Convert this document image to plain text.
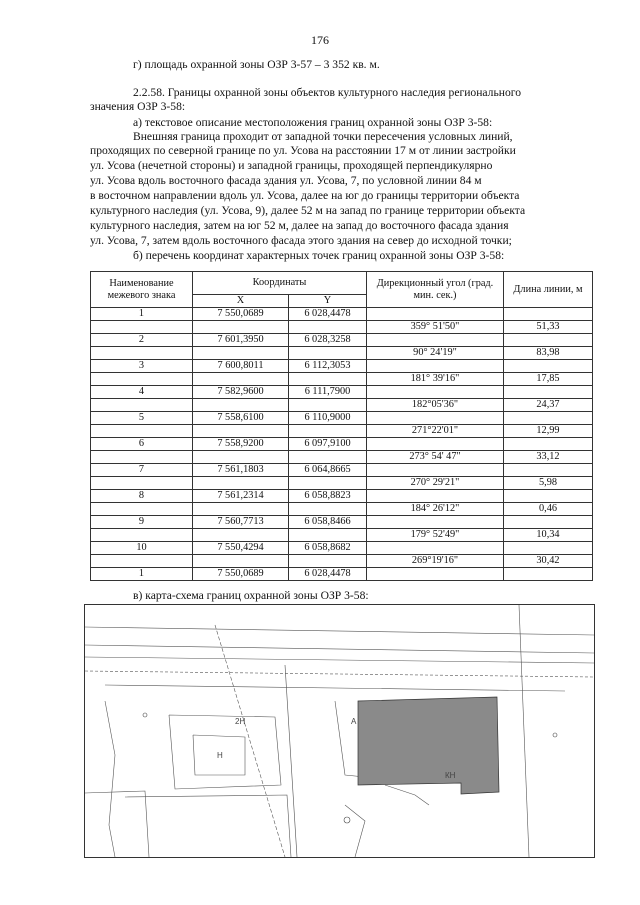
176
г) площадь охранной зоны ОЗР 3-57 – 3 352 кв. м.
2.2.58. Границы охранной зоны объектов культурного наследия регионального
значения ОЗР 3-58:
а) текстовое описание местоположения границ охранной зоны ОЗР 3-58:
Внешняя граница проходит от западной точки пересечения условных линий,
проходящих по северной границе по ул. Усова на расстоянии 17 м от линии застройки
ул. Усова (нечетной стороны) и западной границы, проходящей перпендикулярно
ул. Усова вдоль восточного фасада здания ул. Усова, 7, по условной линии 84 м
в восточном направлении вдоль ул. Усова, далее на юг до границы территории объекта
культурного наследия (ул. Усова, 9), далее 52 м на запад по границе территории объекта
культурного наследия, затем на юг 52 м, далее на запад до восточного фасада здания
ул. Усова, 7, затем вдоль восточного фасада этого здания на север до исходной точки;
б) перечень координат характерных точек границ охранной зоны ОЗР 3-58:
Наименование межевого знака	Координаты		Дирекционный угол (град. мин. сек.)	Длина линии, м
	X	Y		
1	7 550,0689	6 028,4478		
			359° 51'50"	51,33
2	7 601,3950	6 028,3258		
			90° 24'19"	83,98
3	7 600,8011	6 112,3053		
			181° 39'16"	17,85
4	7 582,9600	6 111,7900		
			182°05'36"	24,37
5	7 558,6100	6 110,9000		
			271°22'01"	12,99
6	7 558,9200	6 097,9100		
			273° 54' 47"	33,12
7	7 561,1803	6 064,8665		
			270° 29'21"	5,98
8	7 561,2314	6 058,8823		
			184° 26'12"	0,46
9	7 560,7713	6 058,8466		
			179° 52'49"	10,34
10	7 550,4294	6 058,8682		
			269°19'16"	30,42
1	7 550,0689	6 028,4478		
в) карта-схема границ охранной зоны ОЗР 3-58:
2Н
КН
Н
А
